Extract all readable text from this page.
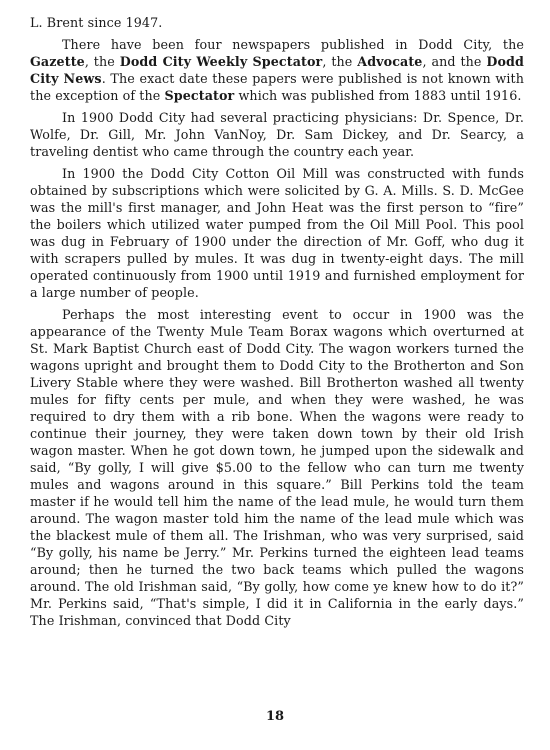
L. Brent since 1947.

There have been four newspapers published in Dodd City, the Gazette, the Dodd City Weekly Spectator, the Advocate, and the Dodd City News. The exact date these papers were published is not known with the exception of the Spectator which was published from 1883 until 1916.

In 1900 Dodd City had several practicing physicians: Dr. Spence, Dr. Wolfe, Dr. Gill, Mr. John VanNoy, Dr. Sam Dickey, and Dr. Searcy, a traveling dentist who came through the country each year.

In 1900 the Dodd City Cotton Oil Mill was constructed with funds obtained by subscriptions which were solicited by G. A. Mills. S. D. McGee was the mill's first manager, and John Heat was the first person to “fire” the boilers which utilized water pumped from the Oil Mill Pool. This pool was dug in February of 1900 under the direction of Mr. Goff, who dug it with scrapers pulled by mules. It was dug in twenty-eight days. The mill operated continuously from 1900 until 1919 and furnished employment for a large number of people.

Perhaps the most interesting event to occur in 1900 was the appearance of the Twenty Mule Team Borax wagons which overturned at St. Mark Baptist Church east of Dodd City. The wagon workers turned the wagons upright and brought them to Dodd City to the Brotherton and Son Livery Stable where they were washed. Bill Brotherton washed all twenty mules for fifty cents per mule, and when they were washed, he was required to dry them with a rib bone. When the wagons were ready to continue their journey, they were taken down town by their old Irish wagon master. When he got down town, he jumped upon the sidewalk and said, “By golly, I will give $5.00 to the fellow who can turn me twenty mules and wagons around in this square.” Bill Perkins told the team master if he would tell him the name of the lead mule, he would turn them around. The wagon master told him the name of the lead mule which was the blackest mule of them all. The Irishman, who was very surprised, said “By golly, his name be Jerry.” Mr. Perkins turned the eighteen lead teams around; then he turned the two back teams which pulled the wagons around. The old Irishman said, “By golly, how come ye knew how to do it?” Mr. Perkins said, “That's simple, I did it in California in the early days.” The Irishman, convinced that Dodd City

18
